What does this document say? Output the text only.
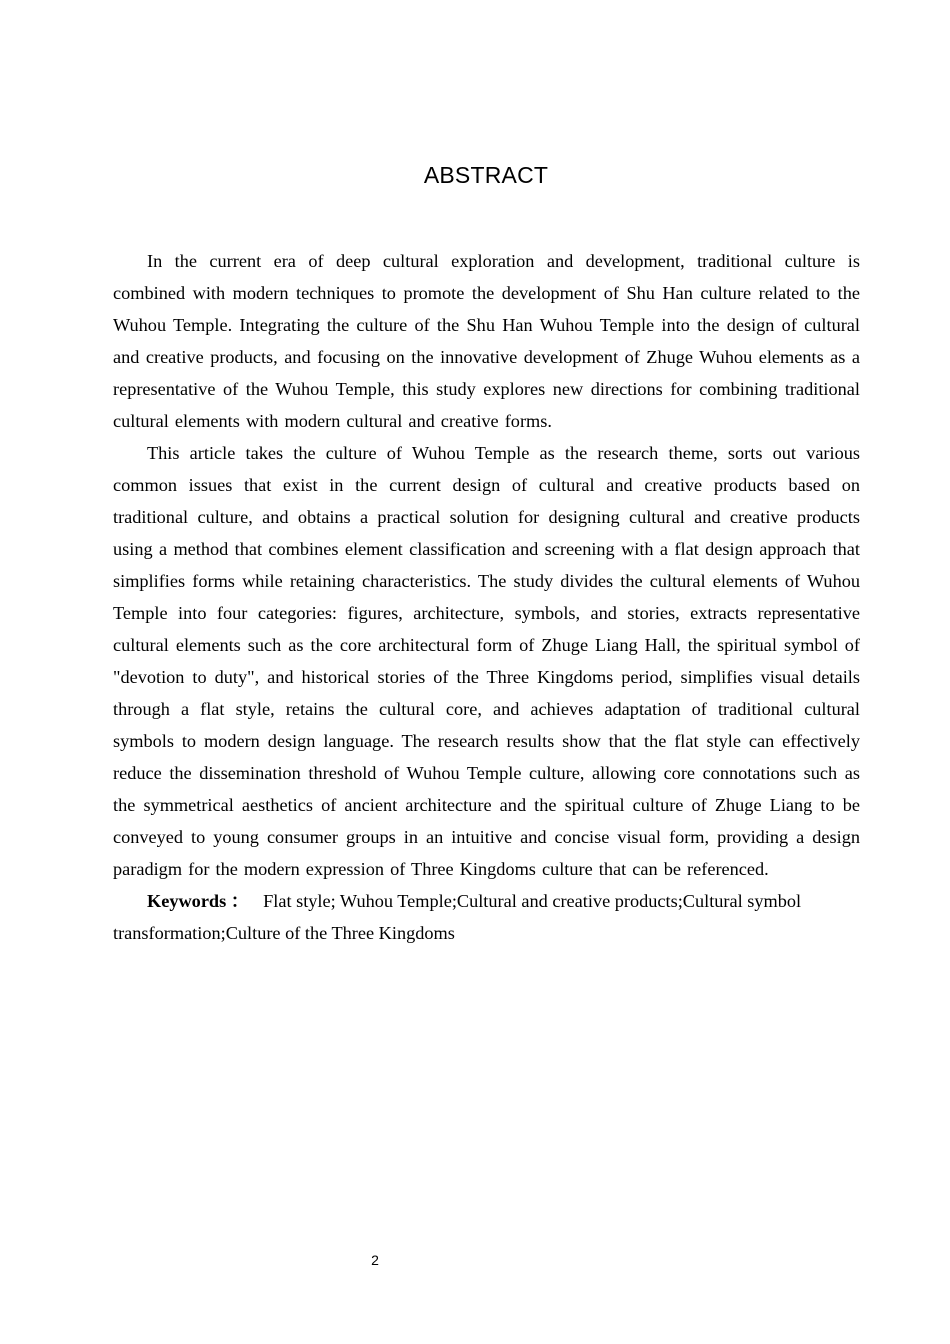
ABSTRACT

In the current era of deep cultural exploration and development, traditional culture is combined with modern techniques to promote the development of Shu Han culture related to the Wuhou Temple. Integrating the culture of the Shu Han Wuhou Temple into the design of cultural and creative products, and focusing on the innovative development of Zhuge Wuhou elements as a representative of the Wuhou Temple, this study explores new directions for combining traditional cultural elements with modern cultural and creative forms.

This article takes the culture of Wuhou Temple as the research theme, sorts out various common issues that exist in the current design of cultural and creative products based on traditional culture, and obtains a practical solution for designing cultural and creative products using a method that combines element classification and screening with a flat design approach that simplifies forms while retaining characteristics. The study divides the cultural elements of Wuhou Temple into four categories: figures, architecture, symbols, and stories, extracts representative cultural elements such as the core architectural form of Zhuge Liang Hall, the spiritual symbol of "devotion to duty", and historical stories of the Three Kingdoms period, simplifies visual details through a flat style, retains the cultural core, and achieves adaptation of traditional cultural symbols to modern design language. The research results show that the flat style can effectively reduce the dissemination threshold of Wuhou Temple culture, allowing core connotations such as the symmetrical aesthetics of ancient architecture and the spiritual culture of Zhuge Liang to be conveyed to young consumer groups in an intuitive and concise visual form, providing a design paradigm for the modern expression of Three Kingdoms culture that can be referenced.

Keywords ： Flat style; Wuhou Temple;Cultural and creative products;Cultural symbol transformation;Culture of the Three Kingdoms

2
